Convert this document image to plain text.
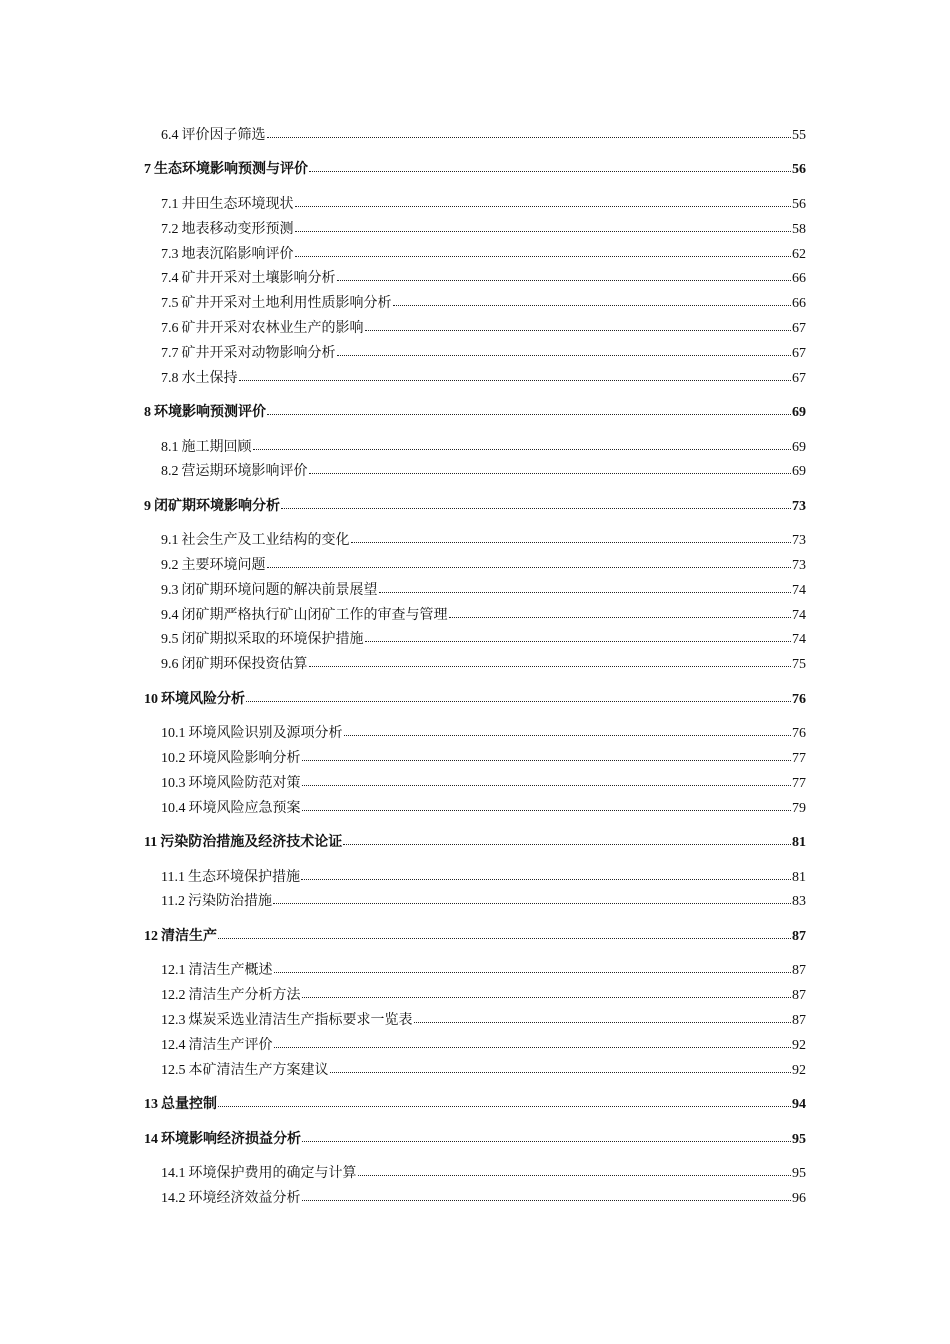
6.4 评价因子筛选	55
7 生态环境影响预测与评价	56
7.1 井田生态环境现状	56
7.2 地表移动变形预测	58
7.3 地表沉陷影响评价	62
7.4 矿井开采对土壤影响分析	66
7.5 矿井开采对土地利用性质影响分析	66
7.6 矿井开采对农林业生产的影响	67
7.7 矿井开采对动物影响分析	67
7.8 水土保持	67
8 环境影响预测评价	69
8.1 施工期回顾	69
8.2 营运期环境影响评价	69
9 闭矿期环境影响分析	73
9.1 社会生产及工业结构的变化	73
9.2 主要环境问题	73
9.3 闭矿期环境问题的解决前景展望	74
9.4 闭矿期严格执行矿山闭矿工作的审查与管理	74
9.5 闭矿期拟采取的环境保护措施	74
9.6 闭矿期环保投资估算	75
10 环境风险分析	76
10.1 环境风险识别及源项分析	76
10.2 环境风险影响分析	77
10.3 环境风险防范对策	77
10.4 环境风险应急预案	79
11 污染防治措施及经济技术论证	81
11.1 生态环境保护措施	81
11.2 污染防治措施	83
12 清洁生产	87
12.1 清洁生产概述	87
12.2 清洁生产分析方法	87
12.3 煤炭采选业清洁生产指标要求一览表	87
12.4 清洁生产评价	92
12.5 本矿清洁生产方案建议	92
13 总量控制	94
14 环境影响经济损益分析	95
14.1 环境保护费用的确定与计算	95
14.2 环境经济效益分析	96
